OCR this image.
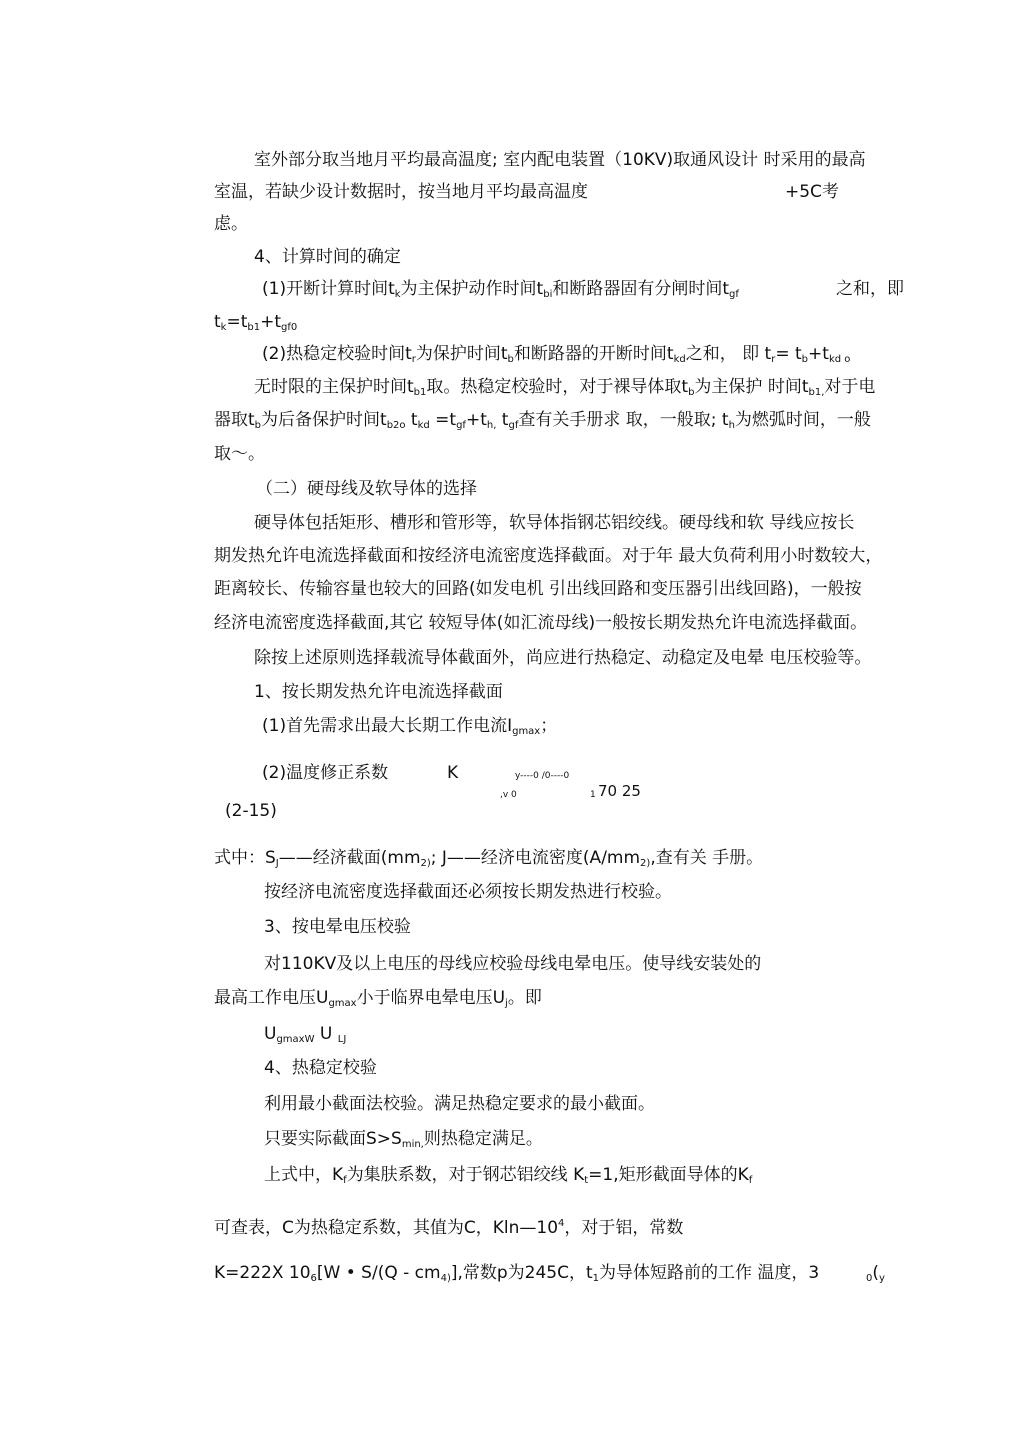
室外部分取当地月平均最高温度; 室内配电装置（10KV)取通风设计 时采用的最高
室温，若缺少设计数据时，按当地月平均最高温度	+5C考
虑。
4、计算时间的确定
(1)开断计算时间$t_k$为主保护动作时间$t_{bi}$和断路器固有分闸时间$t_{gf}$	之和，即
$t_k=t_{b1}+t_{gf0}$
(2)热稳定校验时间$t_r$为保护时间$t_b$和断路器的开断时间$t_{kd}$之和， 即 $t_r= t_b+t_{kd o}$
无时限的主保护时间$t_{b1}$取。热稳定校验时，对于裸导体取$t_b$为主保护 时间$t_{b1,}$对于电
器取$t_b$为后备保护时间$t_{b2o}$ $t_{kd} =t_{gf}+t_{h,}$ $t_{gf}$查有关手册求 取，一般取; $t_h$为燃弧时间，一般
取～。
（二）硬母线及软导体的选择
硬导体包括矩形、槽形和管形等，软导体指钢芯铝绞线。硬母线和软 导线应按长
期发热允许电流选择截面和按经济电流密度选择截面。对于年 最大负荷利用小时数较大，
距离较长、传输容量也较大的回路(如发电机 引出线回路和变压器引出线回路)，一般按
经济电流密度选择截面,其它 较短导体(如汇流母线)一般按长期发热允许电流选择截面。
除按上述原则选择载流导体截面外，尚应进行热稳定、动稳定及电晕 电压校验等。
1、按长期发热允许电流选择截面
(1)首先需求出最大长期工作电流$I_{gmax}$；
(2)温度修正系数	K	y----0 /0----0
,v 0	1 70 25
(2-15)
式中：$S_J——$经济截面($mm_{2)}$; J——经济电流密度($A/mm_{2)}$,查有关 手册。
按经济电流密度选择截面还必须按长期发热进行校验。
3、按电晕电压校验
对110KV及以上电压的母线应校验母线电晕电压。使导线安装处的
最高工作电压$U_{gmax}$小于临界电晕电压$U_j$。即
$U_{gmaxW}$ U $_{LJ}$
4、热稳定校验
利用最小截面法校验。满足热稳定要求的最小截面。
只要实际截面$S>S_{min,}$则热稳定满足。
上式中，$K_f$为集肤系数，对于钢芯铝绞线 $K_t=1$,矩形截面导体的$K_f$
可查表，C为热稳定系数，其值为C，$Kln—10^4$，对于铝，常数
K=222X $10_6[W$ • $S/(Q - cm_{4)}]$,常数p为245C，$t_1$为导体短路前的工作 温度，3	$_0(_y$
